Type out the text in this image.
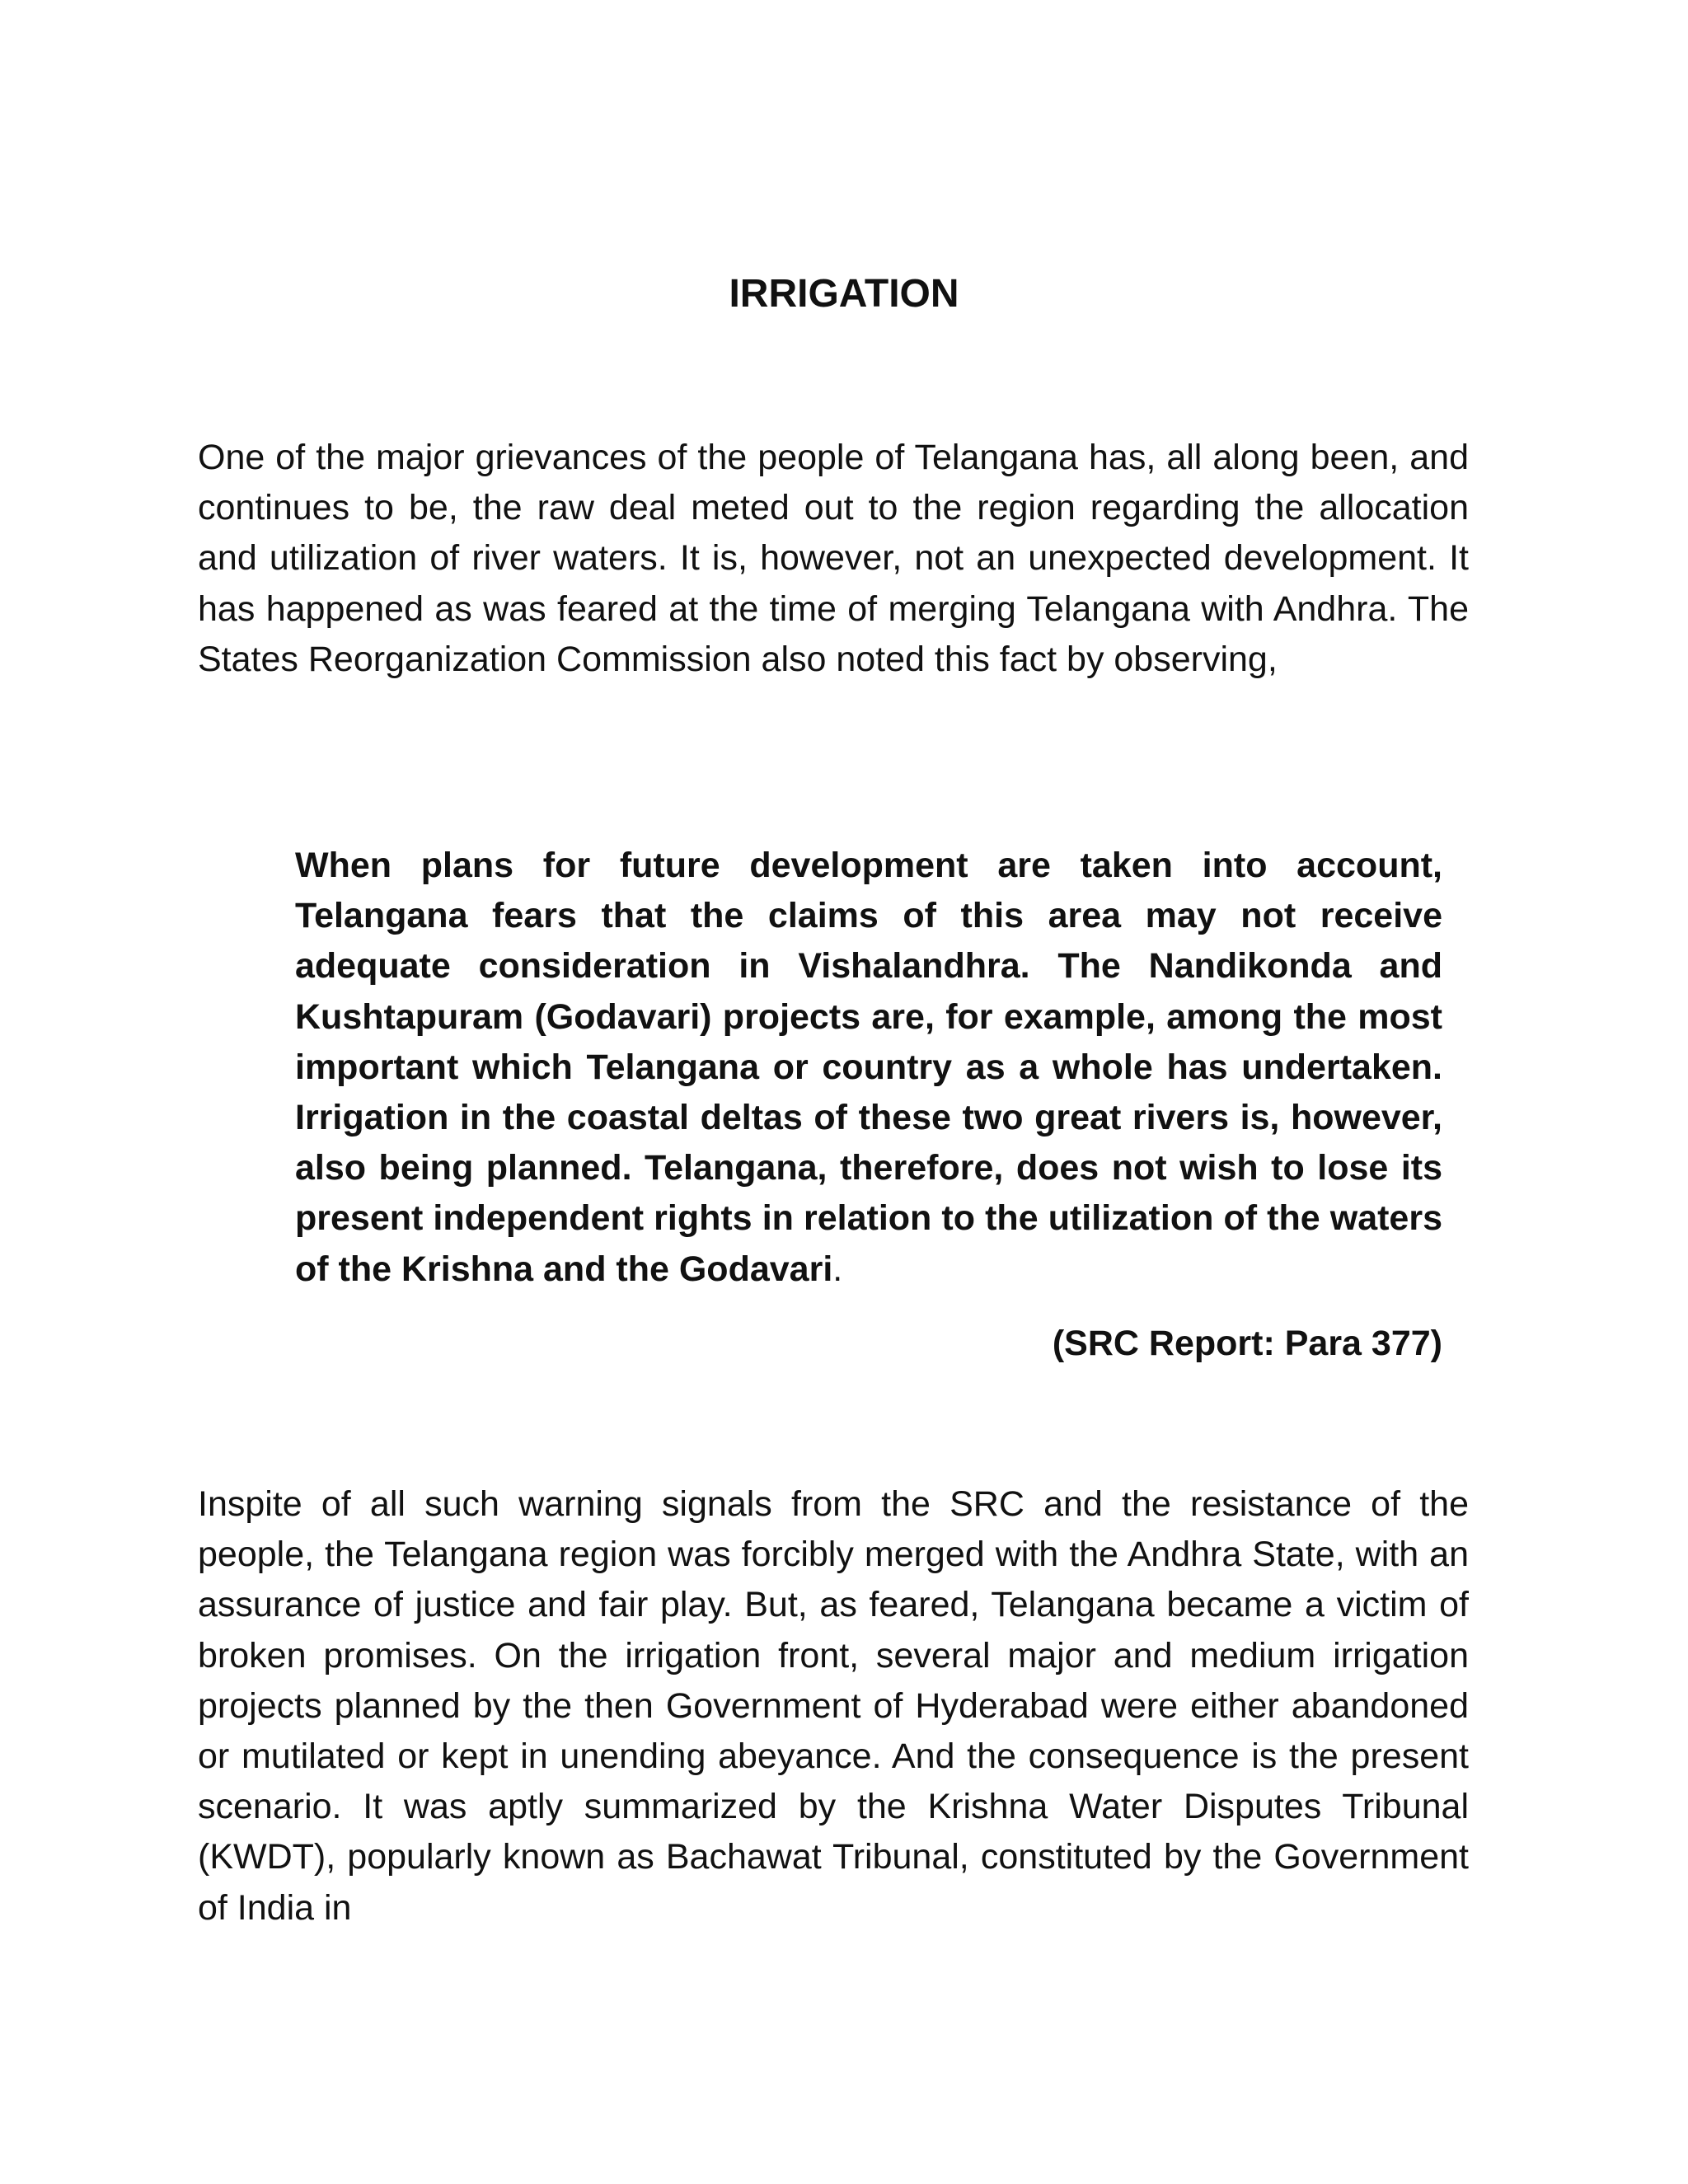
IRRIGATION

One of the major grievances of the people of Telangana has, all along been, and continues to be, the raw deal meted out to the region regarding the allocation and utilization of river waters. It is, however, not an unexpected development. It has happened as was feared at the time of merging Telangana with Andhra. The States Reorganization Commission also noted this fact by observing,

When plans for future development are taken into account, Telangana fears that the claims of this area may not receive adequate consideration in Vishalandhra. The Nandikonda and Kushtapuram (Godavari) projects are, for example, among the most important which Telangana or country as a whole has undertaken. Irrigation in the coastal deltas of these two great rivers is, however, also being planned. Telangana, therefore, does not wish to lose its present independent rights in relation to the utilization of the waters of the Krishna and the Godavari.

(SRC Report: Para 377)

Inspite of all such warning signals from the SRC and the resistance of the people, the Telangana region was forcibly merged with the Andhra State, with an assurance of justice and fair play. But, as feared, Telangana became a victim of broken promises. On the irrigation front, several major and medium irrigation projects planned by the then Government of Hyderabad were either abandoned or mutilated or kept in unending abeyance. And the consequence is the present scenario. It was aptly summarized by the Krishna Water Disputes Tribunal (KWDT), popularly known as Bachawat Tribunal, constituted by the Government of India in
